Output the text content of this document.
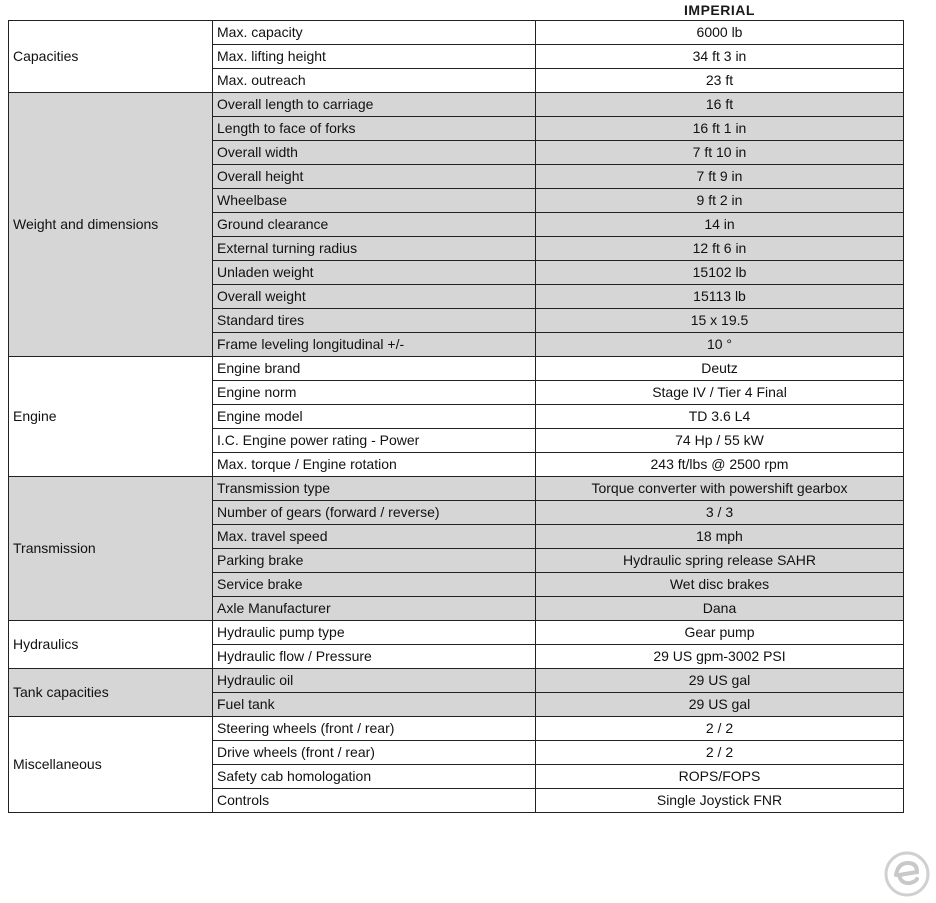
IMPERIAL
Capacities	Max. capacity	6000 lb
	Max. lifting height	34 ft 3 in
	Max. outreach	23 ft
Weight and dimensions	Overall length to carriage	16 ft
	Length to face of forks	16 ft 1 in
	Overall width	7 ft 10 in
	Overall height	7 ft 9 in
	Wheelbase	9 ft 2 in
	Ground clearance	14 in
	External turning radius	12 ft 6 in
	Unladen weight	15102 lb
	Overall weight	15113 lb
	Standard tires	15 x 19.5
	Frame leveling longitudinal +/-	10 °
Engine	Engine brand	Deutz
	Engine norm	Stage IV / Tier 4 Final
	Engine model	TD 3.6 L4
	I.C. Engine power rating - Power	74 Hp / 55 kW
	Max. torque / Engine rotation	243 ft/lbs @ 2500 rpm
Transmission	Transmission type	Torque converter with powershift gearbox
	Number of gears (forward / reverse)	3 / 3
	Max. travel speed	18 mph
	Parking brake	Hydraulic spring release SAHR
	Service brake	Wet disc brakes
	Axle Manufacturer	Dana
Hydraulics	Hydraulic pump type	Gear pump
	Hydraulic flow / Pressure	29 US gpm-3002 PSI
Tank capacities	Hydraulic oil	29 US gal
	Fuel tank	29 US gal
Miscellaneous	Steering wheels (front / rear)	2 / 2
	Drive wheels (front / rear)	2 / 2
	Safety cab homologation	ROPS/FOPS
	Controls	Single Joystick FNR
